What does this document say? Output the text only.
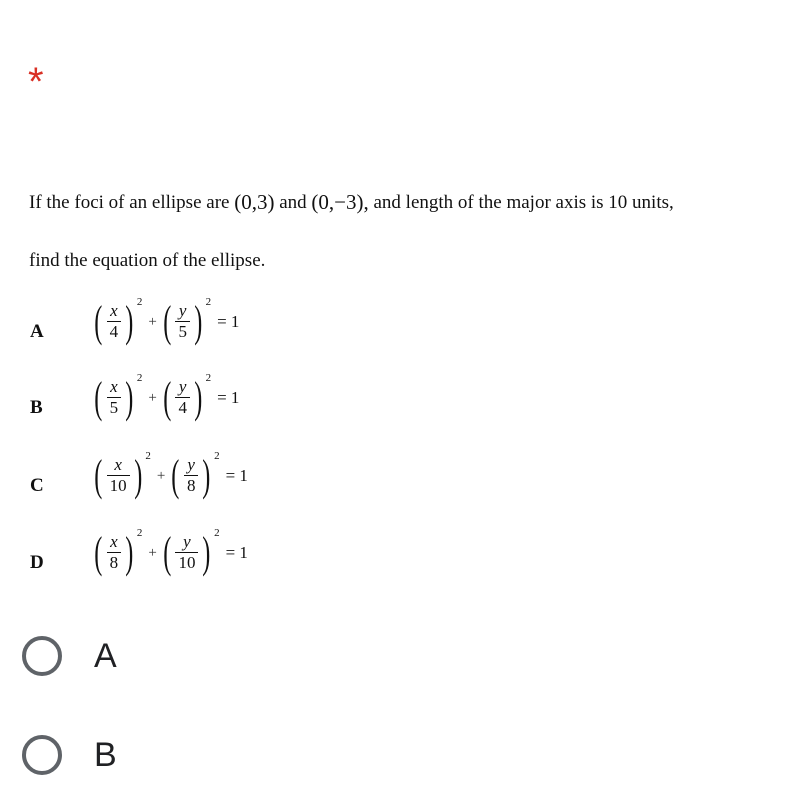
*
If the foci of an ellipse are (0,3) and (0,−3), and length of the major axis is 10 units,
find the equation of the ellipse.
A ( $\frac{x}{4}$ ) 2
+ ( $\frac{y}{5}$ ) 2
= 1
B ( $\frac{x}{5}$ ) 2
+ ( $\frac{y}{4}$ ) 2
= 1
C ( $\frac{x}{10}$ ) 2
+ ( $\frac{y}{8}$ ) 2
= 1
D ( $\frac{x}{8}$ ) 2
+ ( $\frac{y}{10}$ ) 2
= 1
A
B
